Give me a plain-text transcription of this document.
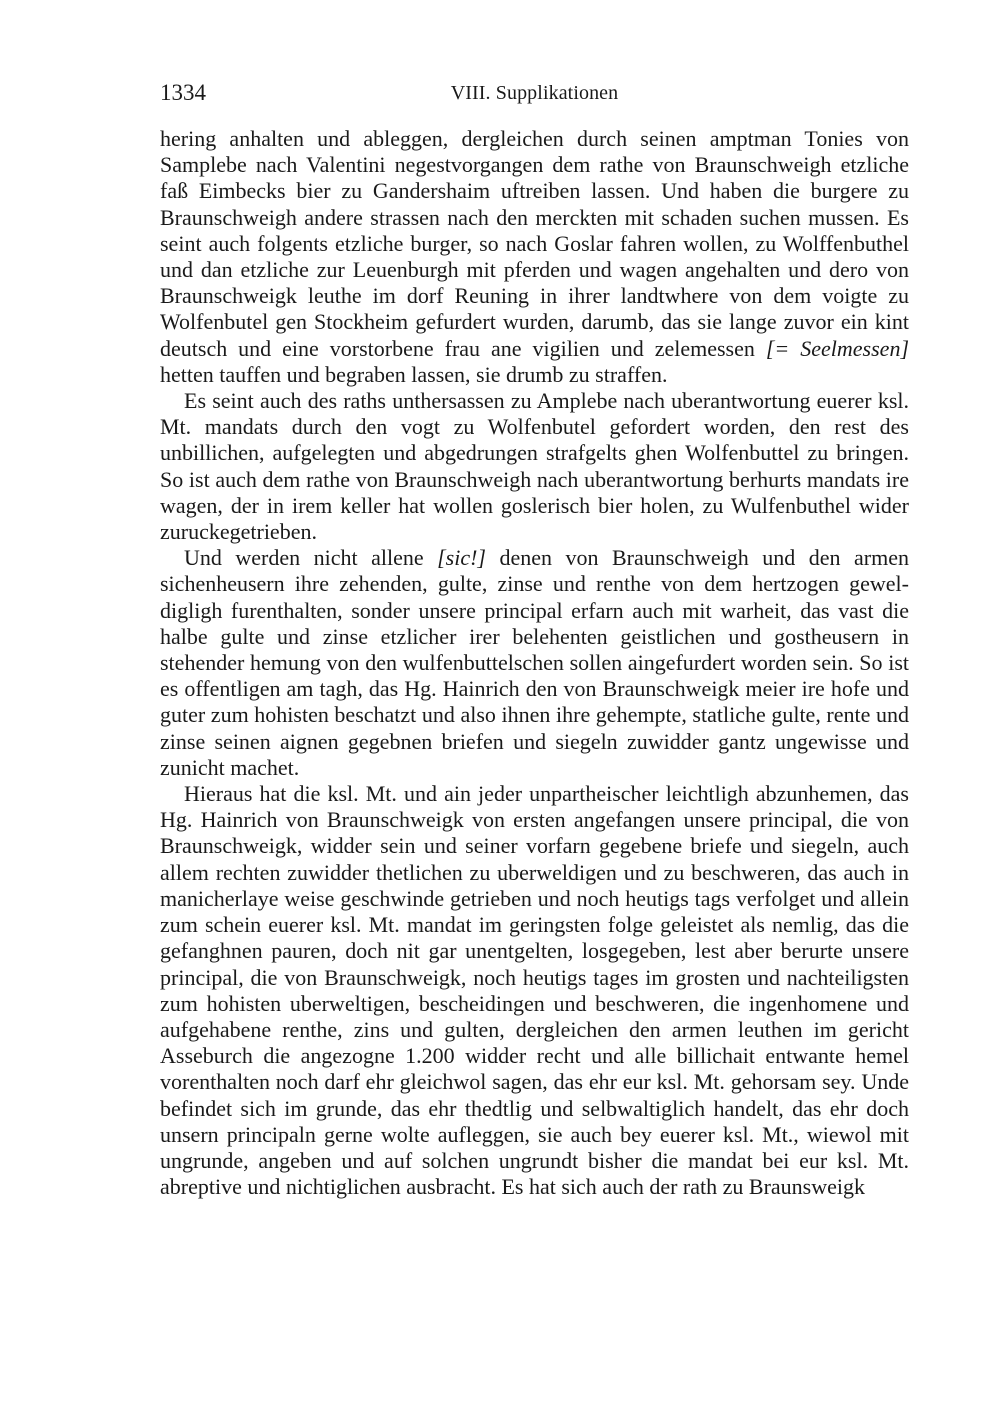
1334	VIII. Supplikationen

hering anhalten und ableggen, dergleichen durch seinen amptman Tonies von Samplebe nach Valentini negestvorgangen dem rathe von Braunschweigh etzliche faß Eimbecks bier zu Gandershaim uftreiben lassen. Und haben die burgere zu Braunschweigh andere strassen nach den merckten mit schaden suchen mussen. Es seint auch folgents etzliche burger, so nach Goslar fahren wollen, zu Wolffenbuthel und dan etzliche zur Leuenburgh mit pferden und wagen angehalten und dero von Braunschweigk leuthe im dorf Reuning in ihrer landtwhere von dem voigte zu Wolfenbutel gen Stockheim gefurdert wurden, darumb, das sie lange zuvor ein kint deutsch und eine vorstorbene frau ane vigilien und zelemessen [= Seelmessen] hetten tauffen und begraben lassen, sie drumb zu straffen.

Es seint auch des raths unthersassen zu Amplebe nach uberantwortung euerer ksl. Mt. mandats durch den vogt zu Wolfenbutel gefordert worden, den rest des unbillichen, aufgelegten und abgedrungen strafgelts ghen Wolfenbuttel zu bringen. So ist auch dem rathe von Braunschweigh nach uberantwortung berhurts mandats ire wagen, der in irem keller hat wollen goslerisch bier holen, zu Wulfenbuthel wider zuruckegetrieben.

Und werden nicht allene [sic!] denen von Braunschweigh und den armen sichenheusern ihre zehenden, gulte, zinse und renthe von dem hertzogen geweldigligh furenthalten, sonder unsere principal erfarn auch mit warheit, das vast die halbe gulte und zinse etzlicher irer belehenten geistlichen und gostheusern in stehender hemung von den wulfenbuttelschen sollen aingefurdert worden sein. So ist es offentligen am tagh, das Hg. Hainrich den von Braunschweigk meier ire hofe und guter zum hohisten beschatzt und also ihnen ihre gehempte, statliche gulte, rente und zinse seinen aignen gegebnen briefen und siegeln zuwidder gantz ungewisse und zunicht machet.

Hieraus hat die ksl. Mt. und ain jeder unpartheischer leichtligh abzunhemen, das Hg. Hainrich von Braunschweigk von ersten angefangen unsere principal, die von Braunschweigk, widder sein und seiner vorfarn gegebene briefe und siegeln, auch allem rechten zuwidder thetlichen zu uberweldigen und zu beschweren, das auch in manicherlaye weise geschwinde getrieben und noch heutigs tags verfolget und allein zum schein euerer ksl. Mt. mandat im geringsten folge geleistet als nemlig, das die gefanghnen pauren, doch nit gar unentgelten, losgegeben, lest aber berurte unsere principal, die von Braunschweigk, noch heutigs tages im grosten und nachteiligsten zum hohisten uberweltigen, bescheidingen und beschweren, die ingenhomene und aufgehabene renthe, zins und gulten, dergleichen den armen leuthen im gericht Asseburch die angezogne 1.200 widder recht und alle billichait entwante hemel vorenthalten noch darf ehr gleichwol sagen, das ehr eur ksl. Mt. gehorsam sey. Unde befindet sich im grunde, das ehr thedtlig und selbwaltiglich handelt, das ehr doch unsern principaln gerne wolte aufleggen, sie auch bey euerer ksl. Mt., wiewol mit ungrunde, angeben und auf solchen ungrundt bisher die mandat bei eur ksl. Mt. abreptive und nichtiglichen ausbracht. Es hat sich auch der rath zu Braunsweigk
